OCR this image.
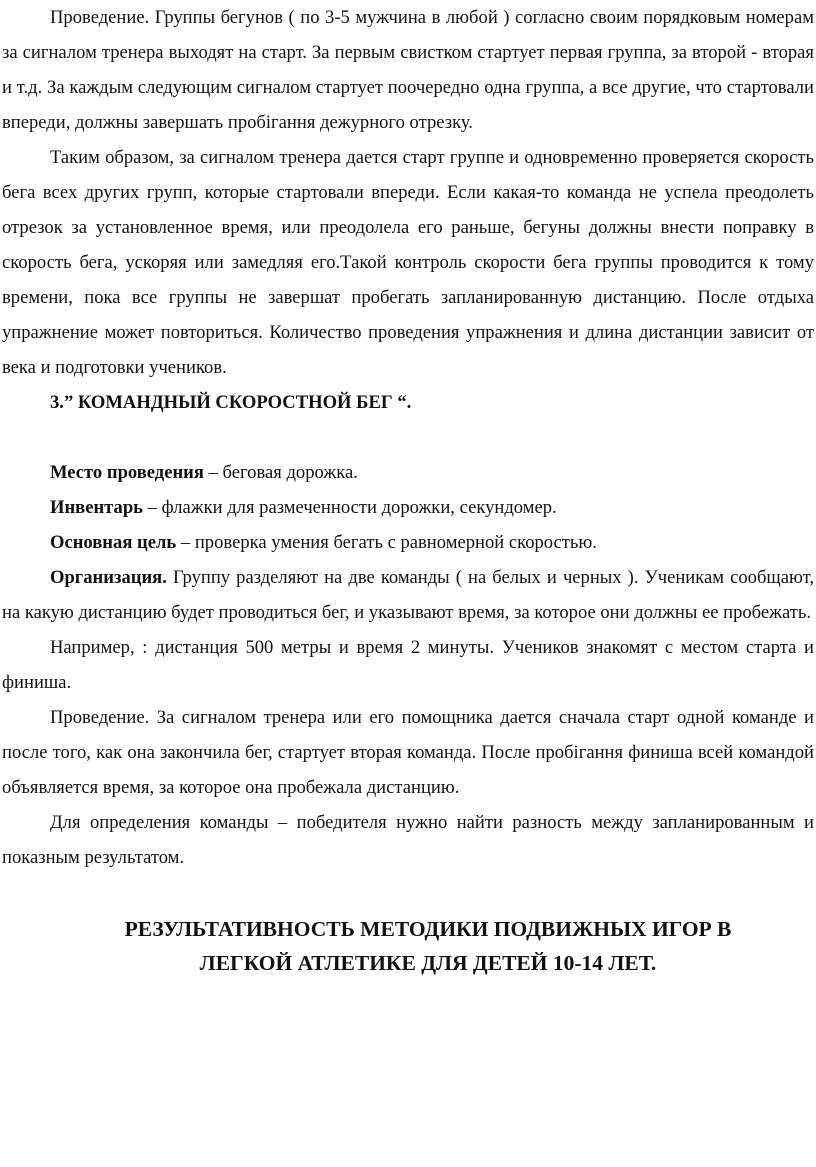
Проведение. Группы бегунов ( по 3-5 мужчина в любой ) согласно своим порядковым номерам за сигналом тренера выходят на старт. За первым свистком стартует первая группа, за второй - вторая и т.д. За каждым следующим сигналом стартует поочередно одна группа, а все другие, что стартовали впереди, должны завершать пробігання дежурного отрезку.

Таким образом, за сигналом тренера дается старт группе и одновременно проверяется скорость бега всех других групп, которые стартовали впереди. Если какая-то команда не успела преодолеть отрезок за установленное время, или преодолела его раньше, бегуны должны внести поправку в скорость бега, ускоряя или замедляя его.Такой контроль скорости бега группы проводится к тому времени, пока все группы не завершат пробегать запланированную дистанцию. После отдыха упражнение может повториться. Количество проведения упражнения и длина дистанции зависит от века и подготовки учеников.

3.” КОМАНДНЫЙ СКОРОСТНОЙ БЕГ “.

Место проведения – беговая дорожка.

Инвентарь – флажки для размеченности дорожки, секундомер.

Основная цель – проверка умения бегать с равномерной скоростью.

Организация. Группу разделяют на две команды ( на белых и черных ). Ученикам сообщают, на какую дистанцию будет проводиться бег, и указывают время, за которое они должны ее пробежать.

Например, : дистанция 500 метры и время 2 минуты. Учеников знакомят с местом старта и финиша.

Проведение. За сигналом тренера или его помощника дается сначала старт одной команде и после того, как она закончила бег, стартует вторая команда. После пробігання финиша всей командой объявляется время, за которое она пробежала дистанцию.

Для определения команды – победителя нужно найти разность между запланированным и показным результатом.

РЕЗУЛЬТАТИВНОСТЬ МЕТОДИКИ ПОДВИЖНЫХ ИГОР В
ЛЕГКОЙ АТЛЕТИКЕ ДЛЯ ДЕТЕЙ 10-14 ЛЕТ.
